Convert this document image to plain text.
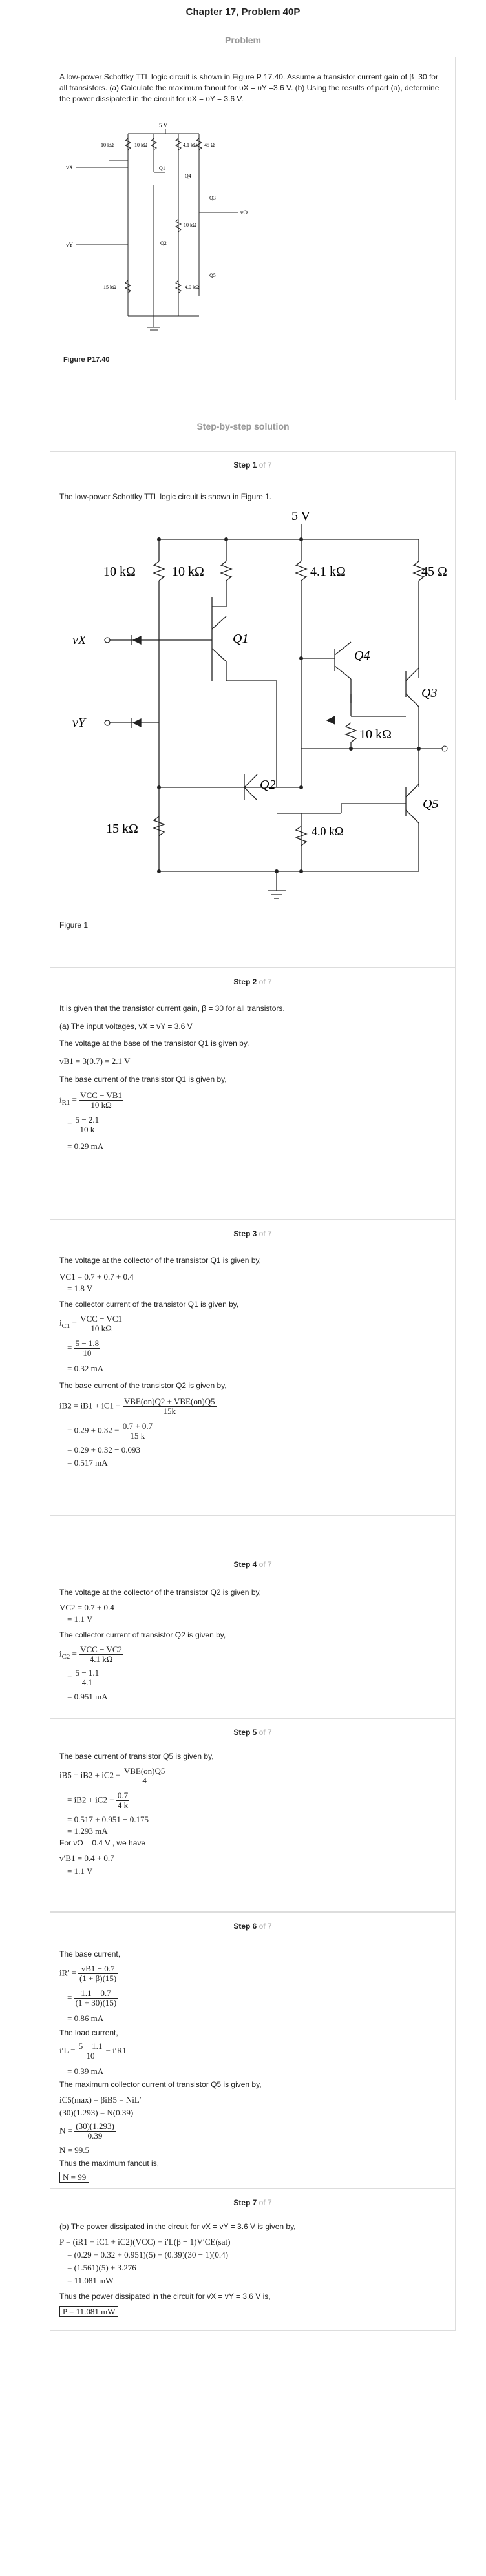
Chapter 17, Problem 40P
Problem

A low-power Schottky TTL logic circuit is shown in Figure P 17.40. Assume a transistor current gain of β=30 for all transistors. (a) Calculate the maximum fanout for υX = υY =3.6 V. (b) Using the results of part (a), determine the power dissipated in the circuit for υX = υY = 3.6 V.

5 V
10 kΩ	10 kΩ	4.1 kΩ 45 Ω
10 kΩ
15 kΩ	4.0 kΩ
vX
vY
vO
Q1
Q2
Q3
Q4
Q5

Figure P17.40

Step-by-step solution
Step 1 of 7
The low-power Schottky TTL logic circuit is shown in Figure 1.
5 V
10 kΩ	10 kΩ	4.1 kΩ	45 Ω
10 kΩ
15 kΩ	4.0 kΩ
vX
vY
Q1
Q2
Q3
Q4
Q5
Figure 1
Step 2 of 7
It is given that the transistor current gain, β = 30 for all transistors.
(a) The input voltages, vX = vY = 3.6 V
The voltage at the base of the transistor Q1 is given by,
vB1 = 3(0.7) = 2.1 V
The base current of the transistor Q1 is given by,
$i_{R1} = \frac{\text{VCC − VB1}}{10 k\Omega}$
= $\frac{5 - 2.1}{10 k}$
= 0.29 mA
Step 3 of 7
The voltage at the collector of the transistor Q1 is given by,
VC1 = 0.7 + 0.7 + 0.4
= 1.8 V
The collector current of the transistor Q1 is given by,
$i_{C1} = \frac{\text{VCC − VC1}}{10 k\Omega}$
= $\frac{5 - 1.8}{10}$
= 0.32 mA
The base current of the transistor Q2 is given by,
$iB2 = iB1 + iC1 - \frac{\text{VBE(on)Q2 + VBE(on)Q5}}{15k}$
= $0.29 + 0.32 - \frac{0.7 + 0.7}{15 k}$
= 0.29 + 0.32 − 0.093
= 0.517 mA
Step 4 of 7
The voltage at the collector of the transistor Q2 is given by,
VC2 = 0.7 + 0.4
= 1.1 V
The collector current of transistor Q2 is given by,
$i_{C2} = \frac{\text{VCC − VC2}}{4.1 k\Omega}$
= $\frac{5 - 1.1}{4.1}$
= 0.951 mA
Step 5 of 7
The base current of transistor Q5 is given by,
$iB5 = iB2 + iC2 - \frac{\text{VBE(on)Q5}}{4}$
= $iB2 + iC2 - \frac{0.7}{4 k}$
= 0.517 + 0.951 − 0.175
= 1.293 mA
For vO = 0.4 V , we have
v′B1 = 0.4 + 0.7
= 1.1 V
Step 6 of 7
The base current,
$iR' = \frac{vB1 - 0.7}{(1 + \beta)(15)}$
= $\frac{1.1 - 0.7}{(1 + 30)(15)}$
= 0.86 mA
The load current,
$i'L = \frac{5 - 1.1}{10} - i'R1$
= 0.39 mA
The maximum collector current of transistor Q5 is given by,
iC5(max) = βiB5 = NiL′
(30)(1.293) = N(0.39)
$N = \frac{(30)(1.293)}{0.39}$
N = 99.5
Thus the maximum fanout is,
N = 99
Step 7 of 7
(b) The power dissipated in the circuit for vX = vY = 3.6 V is given by,
P = (iR1 + iC1 + iC2)(VCC) + i′L(β − 1)V′CE(sat)
= (0.29 + 0.32 + 0.951)(5) + (0.39)(30 − 1)(0.4)
= (1.561)(5) + 3.276
= 11.081 mW
Thus the power dissipated in the circuit for vX = vY = 3.6 V is,
P = 11.081 mW
